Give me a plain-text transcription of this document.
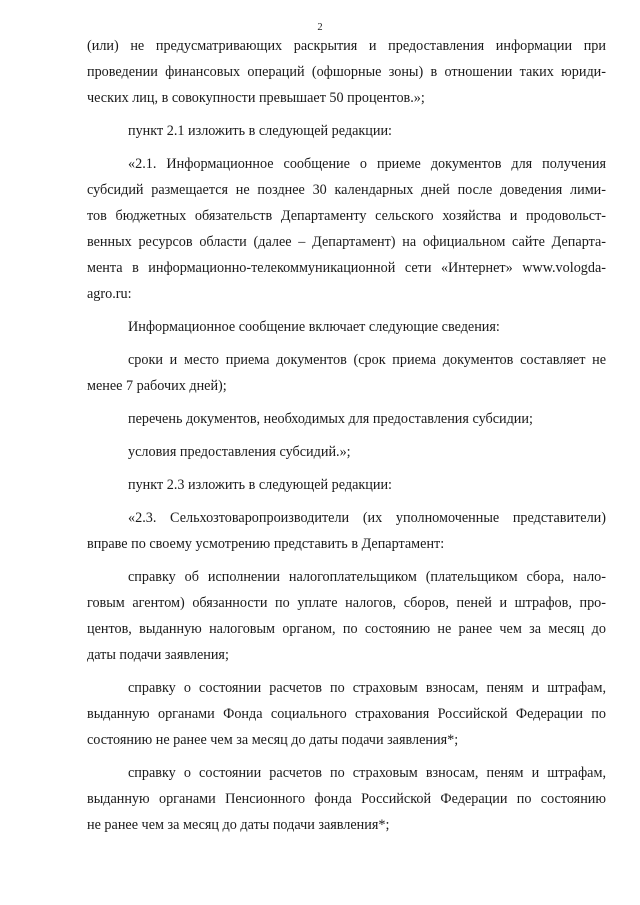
2
(или) не предусматривающих раскрытия и предоставления информации при
проведении финансовых операций (офшорные зоны) в отношении таких юриди-
ческих лиц, в совокупности превышает 50 процентов.»;
пункт 2.1 изложить в следующей редакции:
«2.1. Информационное сообщение о приеме документов для получения
субсидий размещается не позднее 30 календарных дней после доведения лими-
тов бюджетных обязательств Департаменту сельского хозяйства и продовольст-
венных ресурсов области (далее – Департамент) на официальном сайте Департа-
мента в информационно-телекоммуникационной сети «Интернет» www.vologda-
agro.ru:
Информационное сообщение включает следующие сведения:
сроки и место приема документов (срок приема документов составляет не
менее 7 рабочих дней);
перечень документов, необходимых для предоставления субсидии;
условия предоставления субсидий.»;
пункт 2.3 изложить в следующей редакции:
«2.3. Сельхозтоваропроизводители (их уполномоченные представители)
вправе по своему усмотрению представить в Департамент:
справку об исполнении налогоплательщиком (плательщиком сбора, нало-
говым агентом) обязанности по уплате налогов, сборов, пеней и штрафов, про-
центов, выданную налоговым органом, по состоянию не ранее чем за месяц до
даты подачи заявления;
справку о состоянии расчетов по страховым взносам, пеням и штрафам,
выданную органами Фонда социального страхования Российской Федерации по
состоянию не ранее чем за месяц до даты подачи заявления*;
справку о состоянии расчетов по страховым взносам, пеням и штрафам,
выданную органами Пенсионного фонда Российской Федерации по состоянию
не ранее чем за месяц до даты подачи заявления*;
